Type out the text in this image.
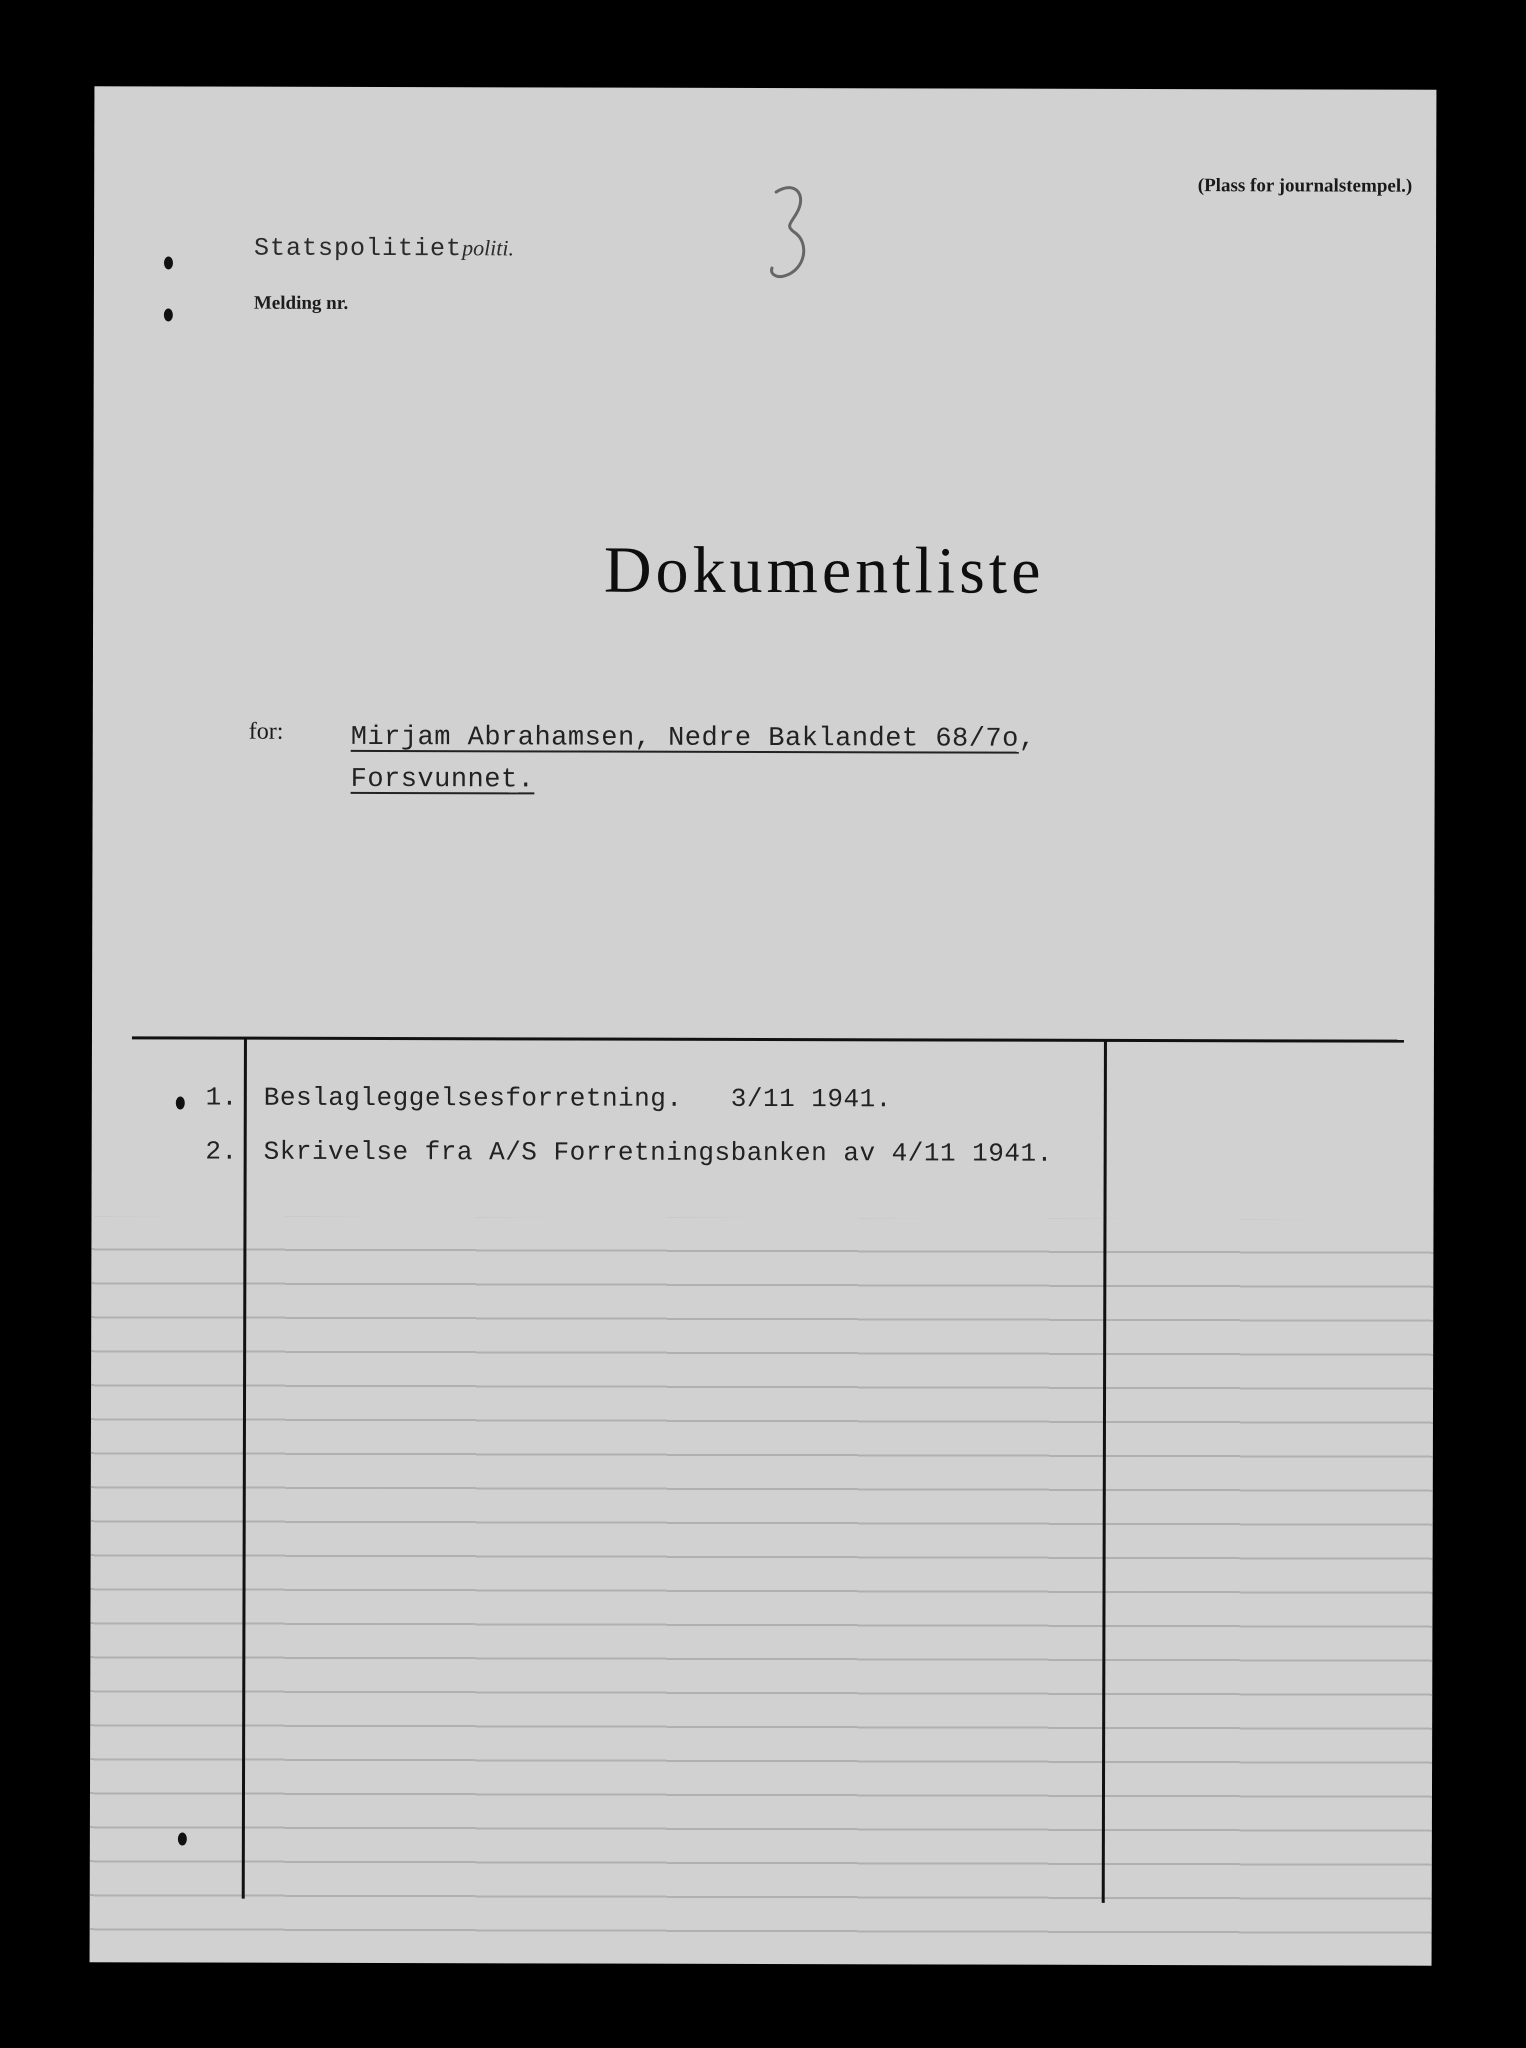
(Plass for journalstempel.)
Statspolitietpoliti.
Melding nr.
Dokumentliste
for: Mirjam Abrahamsen, Nedre Baklandet 68/7o,
Forsvunnet.
1. Beslagleggelsesforretning.   3/11 1941.
2. Skrivelse fra A/S Forretningsbanken av 4/11 1941.
